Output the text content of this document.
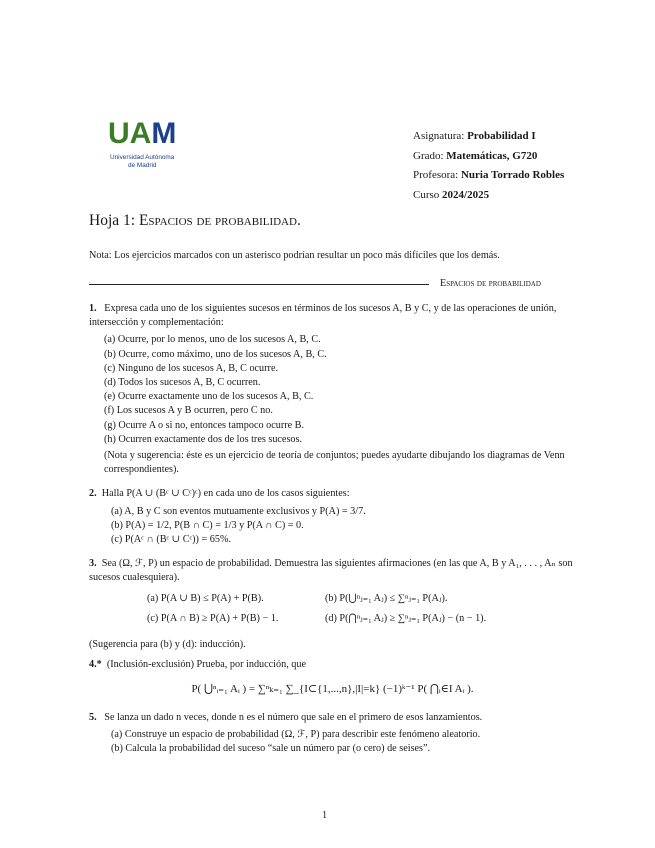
UAM
Universidad Autónoma
de Madrid
Asignatura: Probabilidad I
Grado: Matemáticas, G720
Profesora: Nuria Torrado Robles
Curso 2024/2025
Hoja 1: Espacios de probabilidad.
Nota: Los ejercicios marcados con un asterisco podrían resultar un poco más difíciles que los demás.
Espacios de probabilidad

1. Expresa cada uno de los siguientes sucesos en términos de los sucesos A, B y C, y de las operaciones de unión, intersección y complementación:

(a) Ocurre, por lo menos, uno de los sucesos A, B, C.
(b) Ocurre, como máximo, uno de los sucesos A, B, C.
(c) Ninguno de los sucesos A, B, C ocurre.
(d) Todos los sucesos A, B, C ocurren.
(e) Ocurre exactamente uno de los sucesos A, B, C.
(f) Los sucesos A y B ocurren, pero C no.
(g) Ocurre A o si no, entonces tampoco ocurre B.
(h) Ocurren exactamente dos de los tres sucesos.

(Nota y sugerencia: éste es un ejercicio de teoría de conjuntos; puedes ayudarte dibujando los diagramas de Venn correspondientes).

2. Halla P(A ∪ (Bᶜ ∪ Cᶜ)ᶜ) en cada uno de los casos siguientes:

(a) A, B y C son eventos mutuamente exclusivos y P(A) = 3/7.
(b) P(A) = 1/2, P(B ∩ C) = 1/3 y P(A ∩ C) = 0.
(c) P(Aᶜ ∩ (Bᶜ ∪ Cᶜ)) = 65%.

3. Sea (Ω, ℱ, P) un espacio de probabilidad. Demuestra las siguientes afirmaciones (en las que A, B y A₁, . . . , Aₙ son sucesos cualesquiera).

(a) P(A ∪ B) ≤ P(A) + P(B).	(b) P(⋃ⁿⱼ₌₁ Aⱼ) ≤ ∑ⁿⱼ₌₁ P(Aⱼ).
(c) P(A ∩ B) ≥ P(A) + P(B) − 1.	(d) P(⋂ⁿⱼ₌₁ Aⱼ) ≥ ∑ⁿⱼ₌₁ P(Aⱼ) − (n − 1).

(Sugerencia para (b) y (d): inducción).

4.* (Inclusión-exclusión) Prueba, por inducción, que

P( ⋃ⁿᵢ₌₁ Aᵢ ) = ∑ⁿₖ₌₁ ∑_{I⊂{1,...,n},|I|=k} (−1)ᵏ⁻¹ P( ⋂ᵢ∈I Aᵢ ).

5. Se lanza un dado n veces, donde n es el número que sale en el primero de esos lanzamientos.

(a) Construye un espacio de probabilidad (Ω, ℱ, P) para describir este fenómeno aleatorio.
(b) Calcula la probabilidad del suceso “sale un número par (o cero) de seises”.
1
